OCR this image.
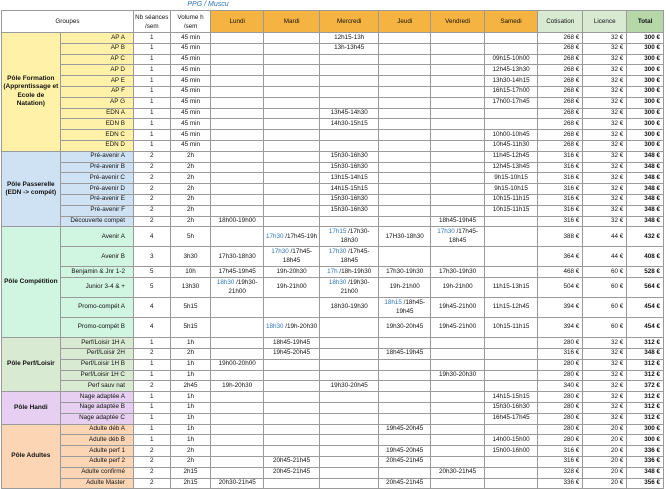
PPG / Muscu
Groupes		Nb séances /sem	Volume h /sem	Lundi	Mardi	Mercredi	Jeudi	Vendredi	Samedi	Cotisation	Licence	Total
Pôle Formation (Apprentissage et Ecole de Natation)	AP A	1	45 min			12h15-13h				268 €	32 €	300 €
	AP B	1	45 min			13h-13h45				268 €	32 €	300 €
	AP C	1	45 min						09h15-10h00	268 €	32 €	300 €
	AP D	1	45 min						12h45-13h30	268 €	32 €	300 €
	AP E	1	45 min						13h30-14h15	268 €	32 €	300 €
	AP F	1	45 min						16h15-17h00	268 €	32 €	300 €
	AP G	1	45 min						17h00-17h45	268 €	32 €	300 €
	EDN A	1	45 min			13h45-14h30				268 €	32 €	300 €
	EDN B	1	45 min			14h30-15h15				268 €	32 €	300 €
	EDN C	1	45 min						10h00-10h45	268 €	32 €	300 €
	EDN D	1	45 min						10h45-11h30	268 €	32 €	300 €
Pôle Passerelle (EDN -> compét)	Pré-avenir A	2	2h			15h30-16h30			11h45-12h45	316 €	32 €	348 €
	Pré-avenir B	2	2h			15h30-16h30			12h45-13h45	316 €	32 €	348 €
	Pré-avenir C	2	2h			13h15-14h15			9h15-10h15	316 €	32 €	348 €
	Pré-avenir D	2	2h			14h15-15h15			9h15-10h15	316 €	32 €	348 €
	Pré-avenir E	2	2h			15h30-16h30			10h15-11h15	316 €	32 €	348 €
	Pré-avenir F	2	2h			15h30-16h30			10h15-11h15	316 €	32 €	348 €
	Découverte compét	2	2h	18h00-19h00				18h45-19h45		316 €	32 €	348 €
Pôle Compétition	Avenir A	4	5h		17h30 /17h45-19h	17h15 /17h30-18h30	17H30-18h30	17h30 /17h45-18h45		388 €	44 €	432 €
	Avenir B	3	3h30	17h30-18h30	17h30 /17h45-18h45	17h30 /17h45-18h45				364 €	44 €	408 €
	Benjamin & Jnr 1-2	5	10h	17h45-19h45	19h-20h30	17h /18h-19h30	17h30-19h30	17h30-19h30		468 €	60 €	528 €
	Junior 3-4 & +	5	13h30	18h30 /19h30-21h00	19h-21h00	18h30 /19h30-21h00	19h-21h00	19h-21h00	11h15-13h15	504 €	60 €	564 €
	Promo-compét A	4	5h15			18h30-19h30	18h15 /18h45-19h45	19h45-21h00	11h15-12h45	394 €	60 €	454 €
	Promo-compét B	4	5h15		18h30 /19h-20h30		19h30-20h45	19h45-21h00	10h15-11h15	394 €	60 €	454 €
Pôle Perf/Loisir	Perf/Loisir 1H A	1	1h		18h45-19h45					280 €	32 €	312 €
	Perf/Loisir 2H	2	2h		19h45-20h45		18h45-19h45			316 €	32 €	348 €
	Perf/Loisir 1H B	1	1h	19h00-20h00						280 €	32 €	312 €
	Perf/Loisir 1H C	1	1h					19h30-20h30		280 €	32 €	312 €
	Perf sauv nat	2	2h45	19h-20h30		19h30-20h45				340 €	32 €	372 €
Pôle Handi	Nage adaptée A	1	1h						14h15-15h15	280 €	32 €	312 €
	Nage adaptée B	1	1h						15h30-16h30	280 €	32 €	312 €
	Nage adaptée C	1	1h						16h45-17h45	280 €	32 €	312 €
Pôle Adultes	Adulte déb A	1	1h				19h45-20h45			280 €	20 €	300 €
	Adulte déb B	1	1h						14h00-15h00	280 €	20 €	300 €
	Adulte perf 1	2	2h				19h45-20h45		15h00-16h00	316 €	20 €	336 €
	Adulte perf 2	2	2h		20h45-21h45		20h45-21h45			316 €	20 €	336 €
	Adulte confirmé	2	2h15		20h45-21h45			20h30-21h45		328 €	20 €	348 €
	Adulte Master	2	2h15	20h30-21h45			20h45-21h45			336 €	20 €	356 €
